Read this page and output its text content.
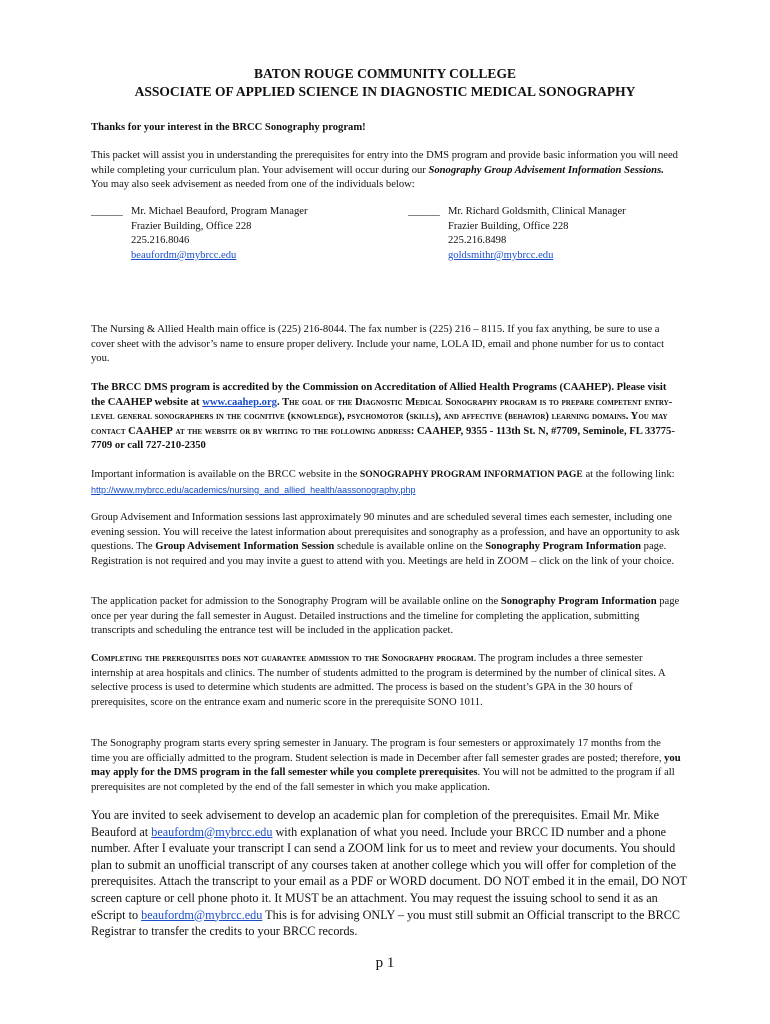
BATON ROUGE COMMUNITY COLLEGE
ASSOCIATE OF APPLIED SCIENCE IN DIAGNOSTIC MEDICAL SONOGRAPHY

Thanks for your interest in the BRCC Sonography program!

This packet will assist you in understanding the prerequisites for entry into the DMS program and provide basic information you will need while completing your curriculum plan. Your advisement will occur during our Sonography Group Advisement Information Sessions. You may also seek advisement as needed from one of the individuals below:

______ Mr. Michael Beauford, Program Manager
Frazier Building, Office 228
225.216.8046
beaufordm@mybrcc.edu
______ Mr. Richard Goldsmith, Clinical Manager
Frazier Building, Office 228
225.216.8498
goldsmithr@mybrcc.edu

The Nursing & Allied Health main office is (225) 216-8044. The fax number is (225) 216 – 8115. If you fax anything, be sure to use a cover sheet with the advisor’s name to ensure proper delivery. Include your name, LOLA ID, email and phone number for us to contact you.

The BRCC DMS program is accredited by the Commission on Accreditation of Allied Health Programs (CAAHEP). Please visit the CAAHEP website at www.caahep.org. The goal of the Diagnostic Medical Sonography program is to prepare competent entry-level general sonographers in the cognitive (knowledge), psychomotor (skills), and affective (behavior) learning domains. You may contact CAAHEP at the website or by writing to the following address: CAAHEP, 9355 - 113th St. N, #7709, Seminole, FL 33775-7709 or call 727-210-2350

Important information is available on the BRCC website in the SONOGRAPHY PROGRAM INFORMATION PAGE at the following link: http://www.mybrcc.edu/academics/nursing_and_allied_health/aassonography.php

Group Advisement and Information sessions last approximately 90 minutes and are scheduled several times each semester, including one evening session. You will receive the latest information about prerequisites and sonography as a profession, and have an opportunity to ask questions. The Group Advisement Information Session schedule is available online on the Sonography Program Information page. Registration is not required and you may invite a guest to attend with you. Meetings are held in ZOOM – click on the link of your choice.

The application packet for admission to the Sonography Program will be available online on the Sonography Program Information page once per year during the fall semester in August. Detailed instructions and the timeline for completing the application, submitting transcripts and scheduling the entrance test will be included in the application packet.

Completing the prerequisites does not guarantee admission to the Sonography program. The program includes a three semester internship at area hospitals and clinics. The number of students admitted to the program is determined by the number of clinical sites. A selective process is used to determine which students are admitted. The process is based on the student’s GPA in the 30 hours of prerequisites, score on the entrance exam and numeric score in the prerequisite SONO 1011.

The Sonography program starts every spring semester in January. The program is four semesters or approximately 17 months from the time you are officially admitted to the program. Student selection is made in December after fall semester grades are posted; therefore, you may apply for the DMS program in the fall semester while you complete prerequisites. You will not be admitted to the program if all prerequisites are not completed by the end of the fall semester in which you make application.

You are invited to seek advisement to develop an academic plan for completion of the prerequisites. Email Mr. Mike Beauford at beaufordm@mybrcc.edu with explanation of what you need. Include your BRCC ID number and a phone number. After I evaluate your transcript I can send a ZOOM link for us to meet and review your documents. You should plan to submit an unofficial transcript of any courses taken at another college which you will offer for completion of the prerequisites. Attach the transcript to your email as a PDF or WORD document. DO NOT embed it in the email, DO NOT screen capture or cell phone photo it. It MUST be an attachment. You may request the issuing school to send it as an eScript to beaufordm@mybrcc.edu This is for advising ONLY – you must still submit an Official transcript to the BRCC Registrar to transfer the credits to your BRCC records.

p 1
